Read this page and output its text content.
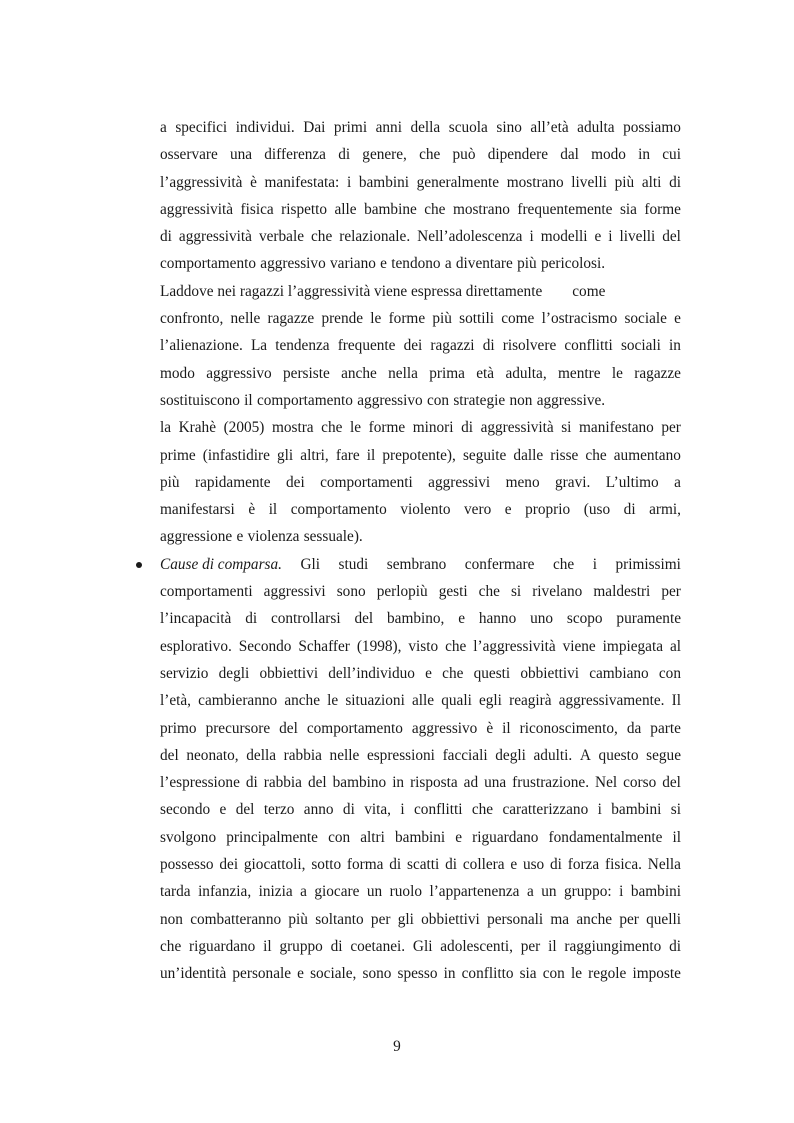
a specifici individui. Dai primi anni della scuola sino all’età adulta possiamo
osservare una differenza di genere, che può dipendere dal modo in cui
l’aggressività è manifestata: i bambini generalmente mostrano livelli più alti di
aggressività fisica rispetto alle bambine che mostrano frequentemente sia forme
di aggressività verbale che relazionale. Nell’adolescenza i modelli e i livelli del
comportamento aggressivo variano e tendono a diventare più pericolosi.
Laddove nei ragazzi l’aggressività viene espressa direttamente come
confronto, nelle ragazze prende le forme più sottili come l’ostracismo sociale e
l’alienazione. La tendenza frequente dei ragazzi di risolvere conflitti sociali in
modo aggressivo persiste anche nella prima età adulta, mentre le ragazze
sostituiscono il comportamento aggressivo con strategie non aggressive.
la Krahè (2005) mostra che le forme minori di aggressività si manifestano per
prime (infastidire gli altri, fare il prepotente), seguite dalle risse che aumentano
più rapidamente dei comportamenti aggressivi meno gravi. L’ultimo a
manifestarsi è il comportamento violento vero e proprio (uso di armi,
aggressione e violenza sessuale).
Cause di comparsa. Gli studi sembrano confermare che i primissimi
comportamenti aggressivi sono perlopiù gesti che si rivelano maldestri per
l’incapacità di controllarsi del bambino, e hanno uno scopo puramente
esplorativo. Secondo Schaffer (1998), visto che l’aggressività viene impiegata al
servizio degli obbiettivi dell’individuo e che questi obbiettivi cambiano con
l’età, cambieranno anche le situazioni alle quali egli reagirà aggressivamente. Il
primo precursore del comportamento aggressivo è il riconoscimento, da parte
del neonato, della rabbia nelle espressioni facciali degli adulti. A questo segue
l’espressione di rabbia del bambino in risposta ad una frustrazione. Nel corso del
secondo e del terzo anno di vita, i conflitti che caratterizzano i bambini si
svolgono principalmente con altri bambini e riguardano fondamentalmente il
possesso dei giocattoli, sotto forma di scatti di collera e uso di forza fisica. Nella
tarda infanzia, inizia a giocare un ruolo l’appartenenza a un gruppo: i bambini
non combatteranno più soltanto per gli obbiettivi personali ma anche per quelli
che riguardano il gruppo di coetanei. Gli adolescenti, per il raggiungimento di
un’identità personale e sociale, sono spesso in conflitto sia con le regole imposte
9
